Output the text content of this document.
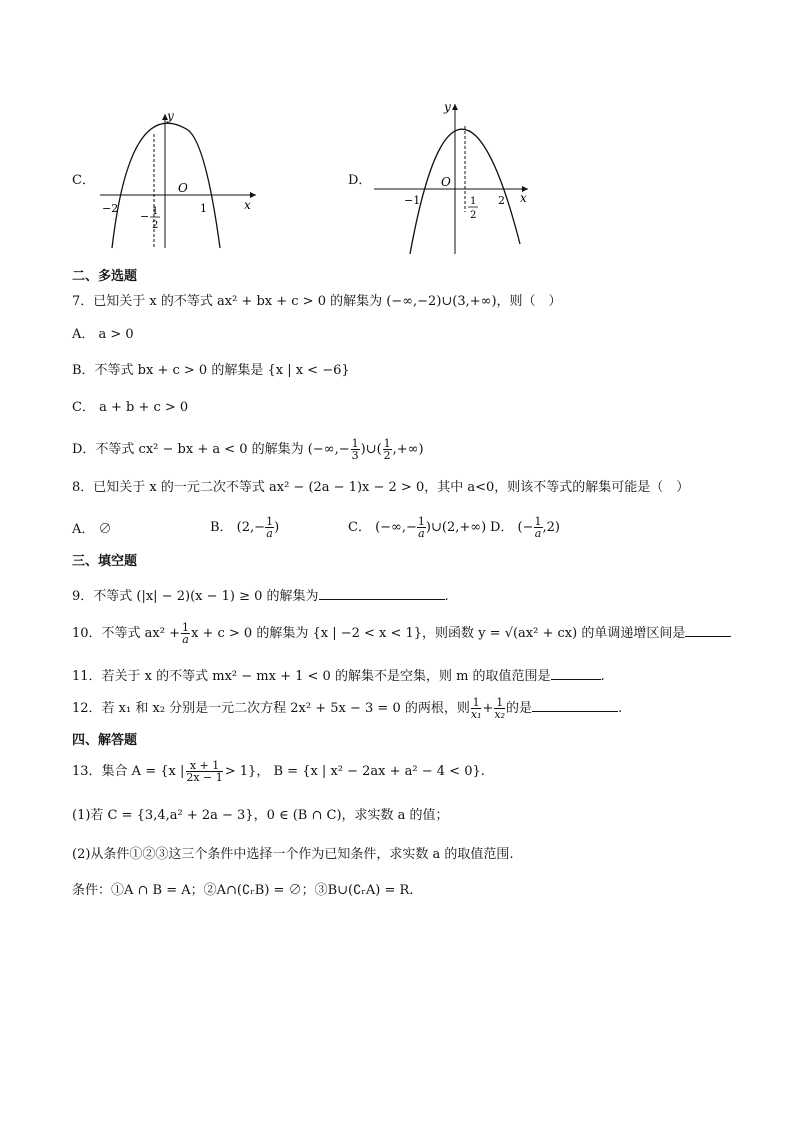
C．
y
x
O
−2	1
− 1
2
D．
y
x
O
−1	2
1
2
二、多选题
7．已知关于 x 的不等式 ax² + bx + c > 0 的解集为 (−∞,−2)∪(3,+∞)，则（　）
A． a > 0
B．不等式 bx + c > 0 的解集是 {x | x < −6}
C． a + b + c > 0
D．不等式 cx² − bx + a < 0 的解集为 (−∞,− $\frac{1}{3}$ )∪( $\frac{1}{2}$ ,+∞)
8．已知关于 x 的一元二次不等式 ax² − (2a − 1)x − 2 > 0，其中 a<0，则该不等式的解集可能是（　）
A． ∅	B． ($2,- \frac{1}{a}$ )	C． (−∞,− $\frac{1}{a}$ )∪(2,+∞) D． (− $\frac{1}{a} ,2$)
三、填空题
9．不等式 (|x| − 2)(x − 1) ≥ 0 的解集为	.
10．不等式 $ax^2 + \frac{1}{a}$ x + c > 0 的解集为 {x | −2 < x < 1}，则函数 y = √(ax² + cx) 的单调递增区间是
11．若关于 x 的不等式 mx² − mx + 1 < 0 的解集不是空集，则 m 的取值范围是	.
12．若 x₁ 和 x₂ 分别是一元二次方程 2x² + 5x − 3 = 0 的两根，则 $\frac{1}{\text{x₁}} + \frac{1}{\text{x₂}}$ 的是	.
四、解答题
13．集合 A = {x | $\frac{x + 1}{2x - 1} > 1$}， B = {x | x² − 2ax + a² − 4 < 0}.
(1)若 C = {3,4,a² + 2a − 3}，0 ∈ (B ∩ C)，求实数 a 的值；
(2)从条件①②③这三个条件中选择一个作为已知条件，求实数 a 的取值范围.
条件：①A ∩ B = A；②A∩(∁ᵣB) = ∅；③B∪(∁ᵣA) = R.
